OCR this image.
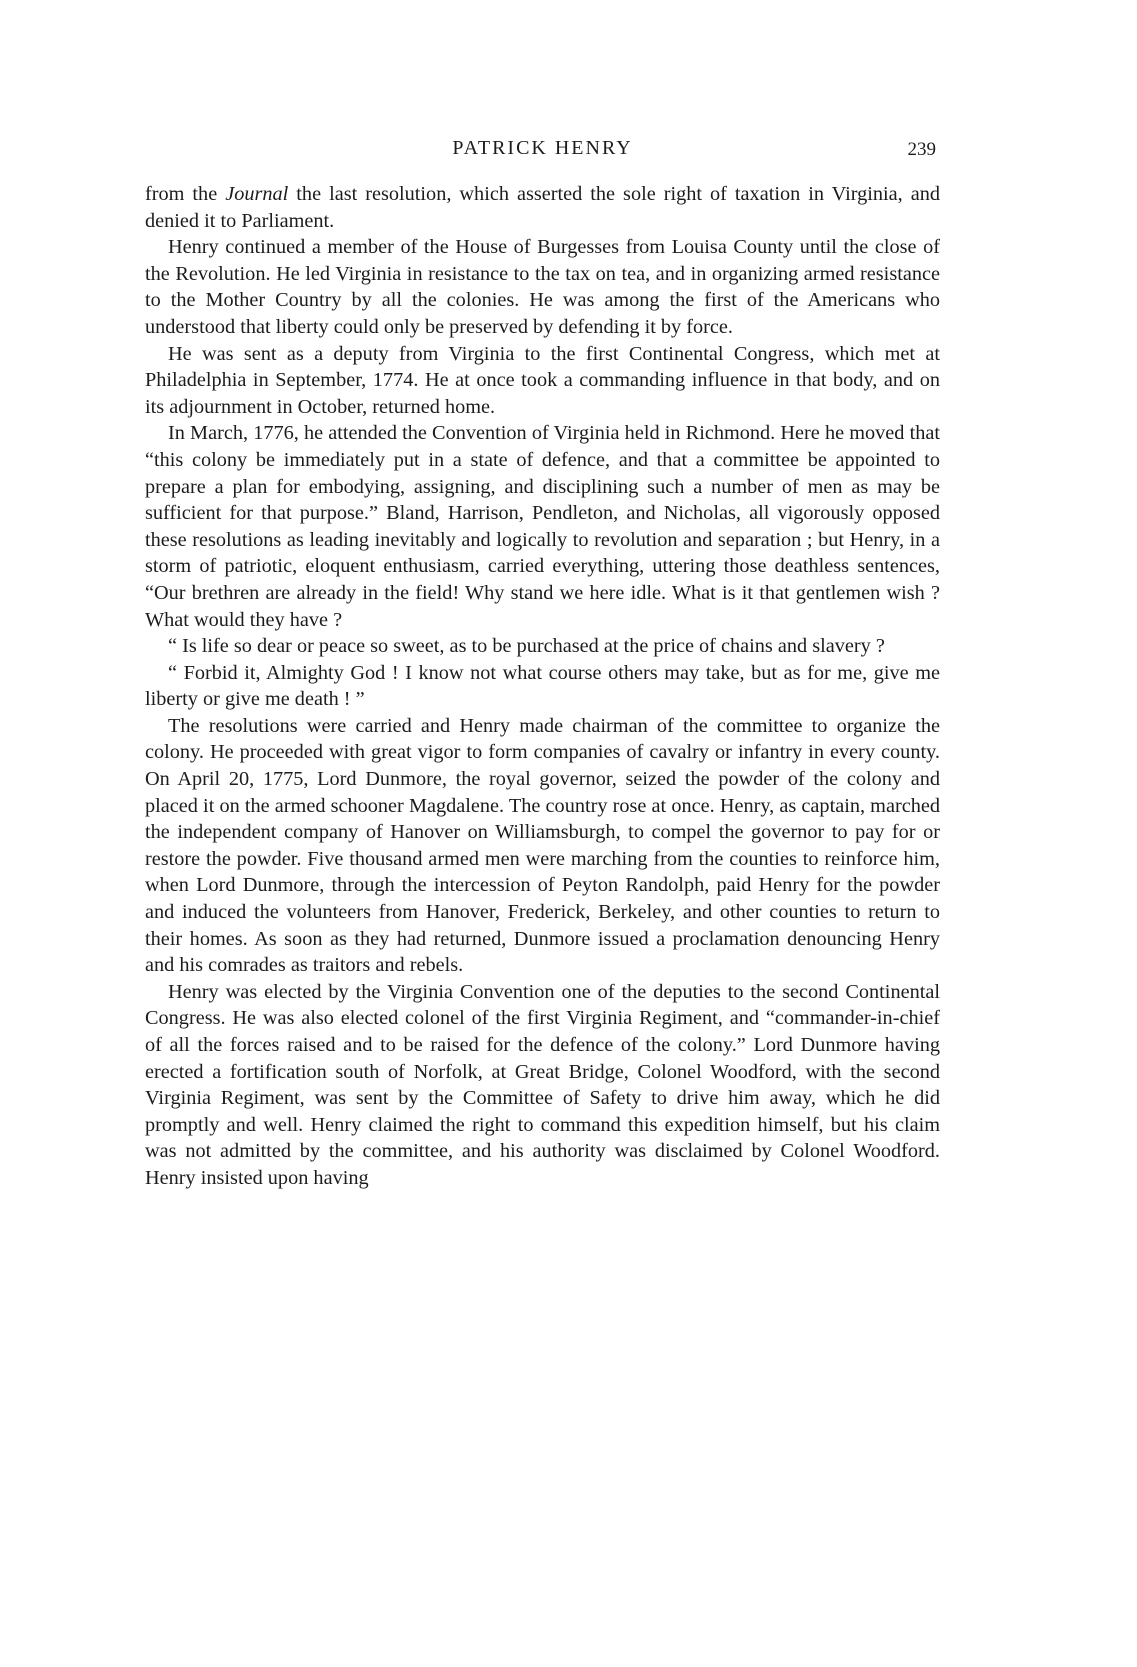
PATRICK HENRY	239

from the Journal the last resolution, which asserted the sole right of taxation in Virginia, and denied it to Parliament.

Henry continued a member of the House of Burgesses from Louisa County until the close of the Revolution. He led Virginia in resistance to the tax on tea, and in organizing armed resistance to the Mother Country by all the colonies. He was among the first of the Americans who understood that liberty could only be preserved by defending it by force.

He was sent as a deputy from Virginia to the first Continental Congress, which met at Philadelphia in September, 1774. He at once took a commanding influence in that body, and on its adjournment in October, returned home.

In March, 1776, he attended the Convention of Virginia held in Richmond. Here he moved that “this colony be immediately put in a state of defence, and that a committee be appointed to prepare a plan for embodying, assigning, and disciplining such a number of men as may be sufficient for that purpose.” Bland, Harrison, Pendleton, and Nicholas, all vigorously opposed these resolutions as leading inevitably and logically to revolution and separation ; but Henry, in a storm of patriotic, eloquent enthusiasm, carried everything, uttering those deathless sentences, “Our brethren are already in the field! Why stand we here idle. What is it that gentlemen wish ? What would they have ?

“ Is life so dear or peace so sweet, as to be purchased at the price of chains and slavery ?

“ Forbid it, Almighty God ! I know not what course others may take, but as for me, give me liberty or give me death ! ”

The resolutions were carried and Henry made chairman of the committee to organize the colony. He proceeded with great vigor to form companies of cavalry or infantry in every county. On April 20, 1775, Lord Dunmore, the royal governor, seized the powder of the colony and placed it on the armed schooner Magdalene. The country rose at once. Henry, as captain, marched the independent company of Hanover on Williamsburgh, to compel the governor to pay for or restore the powder. Five thousand armed men were marching from the counties to reinforce him, when Lord Dunmore, through the intercession of Peyton Randolph, paid Henry for the powder and induced the volunteers from Hanover, Frederick, Berkeley, and other counties to return to their homes. As soon as they had returned, Dunmore issued a proclamation denouncing Henry and his comrades as traitors and rebels.

Henry was elected by the Virginia Convention one of the deputies to the second Continental Congress. He was also elected colonel of the first Virginia Regiment, and “commander-in-chief of all the forces raised and to be raised for the defence of the colony.” Lord Dunmore having erected a fortification south of Norfolk, at Great Bridge, Colonel Woodford, with the second Virginia Regiment, was sent by the Committee of Safety to drive him away, which he did promptly and well. Henry claimed the right to command this expedition himself, but his claim was not admitted by the committee, and his authority was disclaimed by Colonel Woodford. Henry insisted upon having
